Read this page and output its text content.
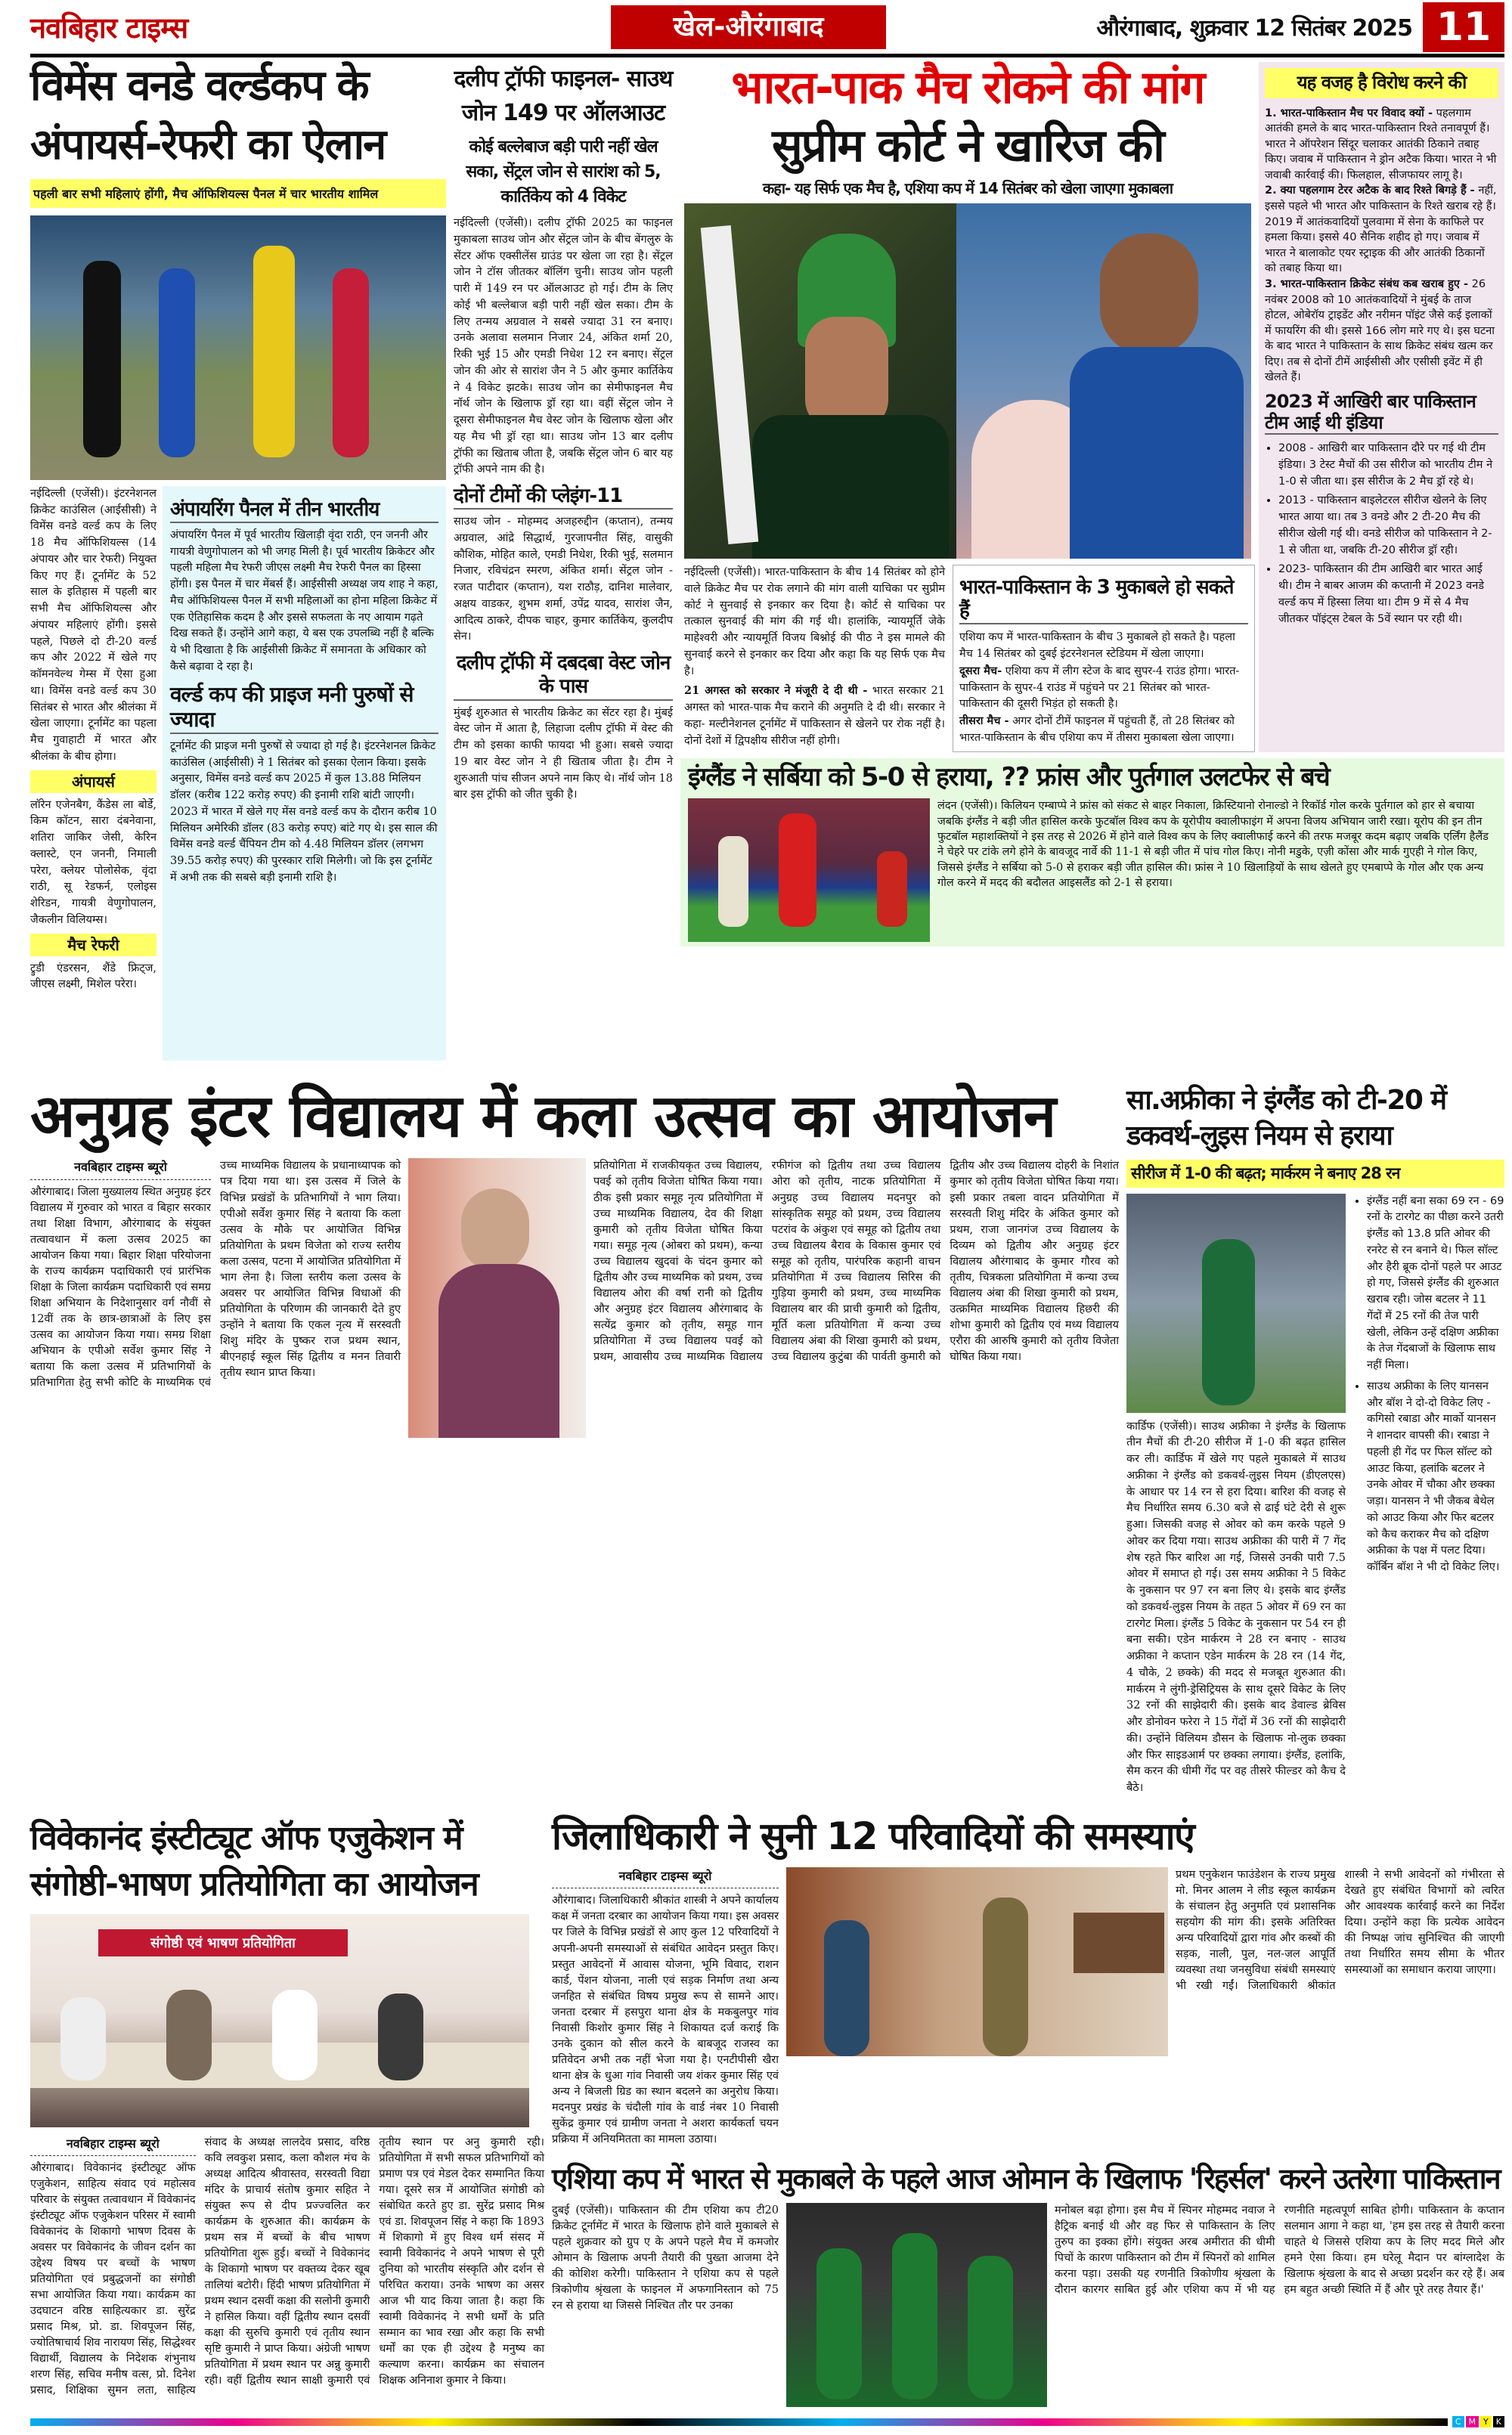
नवबिहार टाइम्स	खेल-औरंगाबाद	औरंगाबाद, शुक्रवार 12 सितंबर 2025 11
विमेंस वनडे वर्ल्डकप के
अंपायर्स-रेफरी का ऐलान
पहली बार सभी महिलाएं होंगी, मैच ऑफिशियल्स पैनल में चार भारतीय शामिल

नईदिल्ली (एजेंसी)। इंटरनेशनल क्रिकेट काउंसिल (आईसीसी) ने विमेंस वनडे वर्ल्ड कप के लिए 18 मैच ऑफिशियल्स (14 अंपायर और चार रेफरी) नियुक्त किए गए हैं। टूर्नामेंट के 52 साल के इतिहास में पहली बार सभी मैच ऑफिशियल्स और अंपायर महिलाएं होंगी। इससे पहले, पिछले दो टी-20 वर्ल्ड कप और 2022 में खेले गए कॉमनवेल्थ गेम्स में ऐसा हुआ था। विमेंस वनडे वर्ल्ड कप 30 सितंबर से भारत और श्रीलंका में खेला जाएगा। टूर्नामेंट का पहला मैच गुवाहाटी में भारत और श्रीलंका के बीच होगा।

अंपायर्स

लॉरेन एजेनबैग, कैंडेस ला बोर्डे, किम कॉटन, सारा दंबनेवाना, शतिरा जाकिर जेसी, केरिन क्लास्टे, एन जननी, निमाली परेरा, क्लेयर पोलोसेक, वृंदा राठी, सू रेडफर्न, एलोइस शेरिडन, गायत्री वेणुगोपालन, जैकलीन विलियम्स।

मैच रेफरी

ट्रुडी एंडरसन, शैंडे फ्रिट्ज, जीएस लक्ष्मी, मिशेल परेरा।

अंपायरिंग पैनल में तीन भारतीय

अंपायरिंग पैनल में पूर्व भारतीय खिलाड़ी वृंदा राठी, एन जननी और गायत्री वेणुगोपालन को भी जगह मिली है। पूर्व भारतीय क्रिकेटर और पहली महिला मैच रेफरी जीएस लक्ष्मी मैच रेफरी पैनल का हिस्सा होंगी। इस पैनल में चार मेंबर्स हैं। आईसीसी अध्यक्ष जय शाह ने कहा, मैच ऑफिशियल्स पैनल में सभी महिलाओं का होना महिला क्रिकेट में एक ऐतिहासिक कदम है और इससे सफलता के नए आयाम गढ़ते दिख सकते हैं। उन्होंने आगे कहा, ये बस एक उपलब्धि नहीं है बल्कि ये भी दिखाता है कि आईसीसी क्रिकेट में समानता के अधिकार को कैसे बढ़ावा दे रहा है।

वर्ल्ड कप की प्राइज मनी पुरुषों से ज्यादा

टूर्नामेंट की प्राइज मनी पुरुषों से ज्यादा हो गई है। इंटरनेशनल क्रिकेट काउंसिल (आईसीसी) ने 1 सितंबर को इसका ऐलान किया। इसके अनुसार, विमेंस वनडे वर्ल्ड कप 2025 में कुल 13.88 मिलियन डॉलर (करीब 122 करोड़ रुपए) की इनामी राशि बांटी जाएगी। 2023 में भारत में खेले गए मेंस वनडे वर्ल्ड कप के दौरान करीब 10 मिलियन अमेरिकी डॉलर (83 करोड़ रुपए) बांटे गए थे। इस साल की विमेंस वनडे वर्ल्ड चैंपियन टीम को 4.48 मिलियन डॉलर (लगभग 39.55 करोड़ रुपए) की पुरस्कार राशि मिलेगी। जो कि इस टूर्नामेंट में अभी तक की सबसे बड़ी इनामी राशि है।

दलीप ट्रॉफी फाइनल- साउथ जोन 149 पर ऑलआउट
कोई बल्लेबाज बड़ी पारी नहीं खेल सका, सेंट्रल जोन से सारांश को 5, कार्तिकेय को 4 विकेट

नईदिल्ली (एजेंसी)। दलीप ट्रॉफी 2025 का फाइनल मुकाबला साउथ जोन और सेंट्रल जोन के बीच बेंगलुरु के सेंटर ऑफ एक्सीलेंस ग्राउंड पर खेला जा रहा है। सेंट्रल जोन ने टॉस जीतकर बॉलिंग चुनी। साउथ जोन पहली पारी में 149 रन पर ऑलआउट हो गई। टीम के लिए कोई भी बल्लेबाज बड़ी पारी नहीं खेल सका। टीम के लिए तन्मय अग्रवाल ने सबसे ज्यादा 31 रन बनाए। उनके अलावा सलमान निजार 24, अंकित शर्मा 20, रिकी भुई 15 और एमडी निधेश 12 रन बनाए। सेंट्रल जोन की ओर से सारांश जैन ने 5 और कुमार कार्तिकेय ने 4 विकेट झटके। साउथ जोन का सेमीफाइनल मैच नॉर्थ जोन के खिलाफ ड्रॉ रहा था। वहीं सेंट्रल जोन ने दूसरा सेमीफाइनल मैच वेस्ट जोन के खिलाफ खेला और यह मैच भी ड्रॉ रहा था। साउथ जोन 13 बार दलीप ट्रॉफी का खिताब जीता है, जबकि सेंट्रल जोन 6 बार यह ट्रॉफी अपने नाम की है।

दोनों टीमों की प्लेइंग-11

साउथ जोन - मोहम्मद अजहरुद्दीन (कप्तान), तन्मय अग्रवाल, आंद्रे सिद्धार्थ, गुरजापनीत सिंह, वासुकी कौशिक, मोहित काले, एमडी निधेश, रिकी भुई, सलमान निजार, रविचंद्रन स्मरण, अंकित शर्मा। सेंट्रल जोन - रजत पाटीदार (कप्तान), यश राठौड़, दानिश मालेवार, अक्षय वाडकर, शुभम शर्मा, उपेंद्र यादव, सारांश जैन, आदित्य ठाकरे, दीपक चाहर, कुमार कार्तिकेय, कुलदीप सेन।

दलीप ट्रॉफी में दबदबा वेस्ट जोन के पास

मुंबई शुरुआत से भारतीय क्रिकेट का सेंटर रहा है। मुंबई वेस्ट जोन में आता है, लिहाजा दलीप ट्रॉफी में वेस्ट की टीम को इसका काफी फायदा भी हुआ। सबसे ज्यादा 19 बार वेस्ट जोन ने ही खिताब जीता है। टीम ने शुरुआती पांच सीजन अपने नाम किए थे। नॉर्थ जोन 18 बार इस ट्रॉफी को जीत चुकी है।

भारत-पाक मैच रोकने की मांग
सुप्रीम कोर्ट ने खारिज की
कहा- यह सिर्फ एक मैच है, एशिया कप में 14 सितंबर को खेला जाएगा मुकाबला

नईदिल्ली (एजेंसी)। भारत-पाकिस्तान के बीच 14 सितंबर को होने वाले क्रिकेट मैच पर रोक लगाने की मांग वाली याचिका पर सुप्रीम कोर्ट ने सुनवाई से इनकार कर दिया है। कोर्ट से याचिका पर तत्काल सुनवाई की मांग की गई थी। हालांकि, न्यायमूर्ति जेके माहेश्वरी और न्यायमूर्ति विजय बिश्नोई की पीठ ने इस मामले की सुनवाई करने से इनकार कर दिया और कहा कि यह सिर्फ एक मैच है।

21 अगस्त को सरकार ने मंजूरी दे दी थी - भारत सरकार 21 अगस्त को भारत-पाक मैच कराने की अनुमति दे दी थी। सरकार ने कहा- मल्टीनेशनल टूर्नामेंट में पाकिस्तान से खेलने पर रोक नहीं है। दोनों देशों में द्विपक्षीय सीरीज नहीं होगी।

भारत-पाकिस्तान के 3 मुकाबले हो सकते हैं

एशिया कप में भारत-पाकिस्तान के बीच 3 मुकाबले हो सकते है। पहला मैच 14 सितंबर को दुबई इंटरनेशनल स्टेडियम में खेला जाएगा।

दूसरा मैच- एशिया कप में लीग स्टेज के बाद सुपर-4 राउंड होगा। भारत-पाकिस्तान के सुपर-4 राउंड में पहुंचने पर 21 सितंबर को भारत-पाकिस्तान की दूसरी भिड़ंत हो सकती है।

तीसरा मैच - अगर दोनों टीमें फाइनल में पहुंचती हैं, तो 28 सितंबर को भारत-पाकिस्तान के बीच एशिया कप में तीसरा मुकाबला खेला जाएगा।

यह वजह है विरोध करने की

1. भारत-पाकिस्तान मैच पर विवाद क्यों - पहलगाम आतंकी हमले के बाद भारत-पाकिस्तान रिश्ते तनावपूर्ण हैं। भारत ने ऑपरेशन सिंदूर चलाकर आतंकी ठिकाने तबाह किए। जवाब में पाकिस्तान ने ड्रोन अटैक किया। भारत ने भी जवाबी कार्रवाई की। फिलहाल, सीजफायर लागू है।

2. क्या पहलगाम टेरर अटैक के बाद रिश्ते बिगड़े हैं - नहीं, इससे पहले भी भारत और पाकिस्तान के रिश्ते खराब रहे हैं। 2019 में आतंकवादियों पुलवामा में सेना के काफिले पर हमला किया। इससे 40 सैनिक शहीद हो गए। जवाब में भारत ने बालाकोट एयर स्ट्राइक की और आतंकी ठिकानों को तबाह किया था।

3. भारत-पाकिस्तान क्रिकेट संबंध कब खराब हुए - 26 नवंबर 2008 को 10 आतंकवादियों ने मुंबई के ताज होटल, ओबेरॉय ट्राइडेंट और नरीमन पॉइंट जैसे कई इलाकों में फायरिंग की थी। इससे 166 लोग मारे गए थे। इस घटना के बाद भारत ने पाकिस्तान के साथ क्रिकेट संबंध खत्म कर दिए। तब से दोनों टीमें आईसीसी और एसीसी इवेंट में ही खेलते हैं।

2023 में आखिरी बार पाकिस्तान टीम आई थी इंडिया
• 2008 - आखिरी बार पाकिस्तान दौरे पर गई थी टीम इंडिया। 3 टेस्ट मैचों की उस सीरीज को भारतीय टीम ने 1-0 से जीता था। इस सीरीज के 2 मैच ड्रॉ रहे थे।
• 2013 - पाकिस्तान बाइलेटरल सीरीज खेलने के लिए भारत आया था। तब 3 वनडे और 2 टी-20 मैच की सीरीज खेली गई थी। वनडे सीरीज को पाकिस्तान ने 2-1 से जीता था, जबकि टी-20 सीरीज ड्रॉ रही।
• 2023- पाकिस्तान की टीम आखिरी बार भारत आई थी। टीम ने बाबर आजम की कप्तानी में 2023 वनडे वर्ल्ड कप में हिस्सा लिया था। टीम 9 में से 4 मैच जीतकर पॉइंट्स टेबल के 5वें स्थान पर रही थी।
इंग्लैंड ने सर्बिया को 5-0 से हराया, ?? फ्रांस और पुर्तगाल उलटफेर से बचे

लंदन (एजेंसी)। किलियन एम्बाप्पे ने फ्रांस को संकट से बाहर निकाला, क्रिस्टियानो रोनाल्डो ने रिकॉर्ड गोल करके पुर्तगाल को हार से बचाया जबकि इंग्लैंड ने बड़ी जीत हासिल करके फुटबॉल विश्व कप के यूरोपीय क्वालीफाइंग में अपना विजय अभियान जारी रखा। यूरोप की इन तीन फुटबॉल महाशक्तियों ने इस तरह से 2026 में होने वाले विश्व कप के लिए क्वालीफाई करने की तरफ मजबूर कदम बढ़ाए जबकि एर्लिंग हैलैंड ने चेहरे पर टांके लगे होने के बावजूद नार्वे की 11-1 से बड़ी जीत में पांच गोल किए। नोनी मडुके, एज़ी कोंसा और मार्क गुएही ने गोल किए, जिससे इंग्लैंड ने सर्बिया को 5-0 से हराकर बड़ी जीत हासिल की। फ्रांस ने 10 खिलाड़ियों के साथ खेलते हुए एमबाप्पे के गोल और एक अन्य गोल करने में मदद की बदौलत आइसलैंड को 2-1 से हराया।

अनुग्रह इंटर विद्यालय में कला उत्सव का आयोजन
नवबिहार टाइम्स ब्यूरो
औरंगाबाद। जिला मुख्यालय स्थित अनुग्रह इंटर विद्यालय में गुरुवार को भारत व बिहार सरकार तथा शिक्षा विभाग, औरंगाबाद के संयुक्त तत्वावधान में कला उत्सव 2025 का आयोजन किया गया। बिहार शिक्षा परियोजना के राज्य कार्यक्रम पदाधिकारी एवं प्रारंभिक शिक्षा के जिला कार्यक्रम पदाधिकारी एवं समग्र शिक्षा अभियान के निदेशानुसार वर्ग नौवीं से 12वीं तक के छात्र-छात्राओं के लिए इस उत्सव का आयोजन किया गया। समग्र शिक्षा अभियान के एपीओ सर्वेश कुमार सिंह ने बताया कि कला उत्सव में प्रतिभागियों के प्रतिभागिता हेतु सभी कोटि के माध्यमिक एवं उच्च माध्यमिक विद्यालय के प्रधानाध्यापक को पत्र दिया गया था। इस उत्सव में जिले के विभिन्न प्रखंडों के प्रतिभागियों ने भाग लिया। एपीओ सर्वेश कुमार सिंह ने बताया कि कला उत्सव के मौके पर आयोजित विभिन्न प्रतियोगिता के प्रथम विजेता को राज्य स्तरीय कला उत्सव, पटना में आयोजित प्रतियोगिता में भाग लेना है। जिला स्तरीय कला उत्सव के अवसर पर आयोजित विभिन्न विधाओं की प्रतियोगिता के परिणाम की जानकारी देते हुए उन्होंने ने बताया कि एकल नृत्य में सरस्वती शिशु मंदिर के पुष्कर राज प्रथम स्थान, बीएनहाई स्कूल सिंह द्वितीय व मनन तिवारी तृतीय स्थान प्राप्त किया।
प्रतियोगिता में राजकीयकृत उच्च विद्यालय, पवई को तृतीय विजेता घोषित किया गया। ठीक इसी प्रकार समूह नृत्य प्रतियोगिता में उच्च माध्यमिक विद्यालय, देव की शिक्षा कुमारी को तृतीय विजेता घोषित किया गया। समूह नृत्य (ओबरा को प्रथम), कन्या उच्च विद्यालय खुदवां के चंदन कुमार को द्वितीय और उच्च माध्यमिक को प्रथम, उच्च विद्यालय ओरा की वर्षा रानी को द्वितीय और अनुग्रह इंटर विद्यालय औरंगाबाद के सत्येंद्र कुमार को तृतीय, समूह गान प्रतियोगिता में उच्च विद्यालय पवई को प्रथम, आवासीय उच्च माध्यमिक विद्यालय रफीगंज को द्वितीय तथा उच्च विद्यालय ओरा को तृतीय, नाटक प्रतियोगिता में अनुग्रह उच्च विद्यालय मदनपुर को सांस्कृतिक समूह को प्रथम, उच्च विद्यालय पटरांव के अंकुश एवं समूह को द्वितीय तथा उच्च विद्यालय बैराव के विकास कुमार एवं समूह को तृतीय, पारंपरिक कहानी वाचन प्रतियोगिता में उच्च विद्यालय सिरिस की गुड़िया कुमारी को प्रथम, उच्च माध्यमिक विद्यालय बार की प्राची कुमारी को द्वितीय, मूर्ति कला प्रतियोगिता में कन्या उच्च विद्यालय अंबा की शिखा कुमारी को प्रथम, उच्च विद्यालय कुटुंबा की पार्वती कुमारी को द्वितीय और उच्च विद्यालय दोहरी के निशांत कुमार को तृतीय विजेता घोषित किया गया। इसी प्रकार तबला वादन प्रतियोगिता में सरस्वती शिशु मंदिर के अंकित कुमार को प्रथम, राजा जानगंज उच्च विद्यालय के दिव्यम को द्वितीय और अनुग्रह इंटर विद्यालय औरंगाबाद के कुमार गौरव को तृतीय, चित्रकला प्रतियोगिता में कन्या उच्च विद्यालय अंबा की शिखा कुमारी को प्रथम, उत्क्रमित माध्यमिक विद्यालय हिछरी की शोभा कुमारी को द्वितीय एवं मध्य विद्यालय एरौरा की आरुषि कुमारी को तृतीय विजेता घोषित किया गया।
सा.अफ्रीका ने इंग्लैंड को टी-20 में डकवर्थ-लुइस नियम से हराया
सीरीज में 1-0 की बढ़त; मार्करम ने बनाए 28 रन
कार्डिफ (एजेंसी)। साउथ अफ्रीका ने इंग्लैंड के खिलाफ तीन मैचों की टी-20 सीरीज में 1-0 की बढ़त हासिल कर ली। कार्डिफ में खेले गए पहले मुकाबले में साउथ अफ्रीका ने इंग्लैंड को डकवर्थ-लुइस नियम (डीएलएस) के आधार पर 14 रन से हरा दिया। बारिश की वजह से मैच निर्धारित समय 6.30 बजे से ढाई घंटे देरी से शुरू हुआ। जिसकी वजह से ओवर को कम करके पहले 9 ओवर कर दिया गया। साउथ अफ्रीका की पारी में 7 गेंद शेष रहते फिर बारिश आ गई, जिससे उनकी पारी 7.5 ओवर में समाप्त हो गई। उस समय अफ्रीका ने 5 विकेट के नुकसान पर 97 रन बना लिए थे। इसके बाद इंग्लैंड को डकवर्थ-लुइस नियम के तहत 5 ओवर में 69 रन का टारगेट मिला। इंग्लैंड 5 विकेट के नुकसान पर 54 रन ही बना सकी। एडेन मार्करम ने 28 रन बनाए - साउथ अफ्रीका ने कप्तान एडेन मार्करम के 28 रन (14 गेंद, 4 चौके, 2 छक्के) की मदद से मजबूत शुरुआत की। मार्करम ने लुंगी-ड्रेसिट्रियस के साथ दूसरे विकेट के लिए 32 रनों की साझेदारी की। इसके बाद डेवाल्ड ब्रेविस और डोनोवन फरेरा ने 15 गेंदों में 36 रनों की साझेदारी की। उन्होंने विलियम डौसन के खिलाफ नो-लुक छक्का और फिर साइडआर्म पर छक्का लगाया। इंग्लैंड, हलांकि, सैम करन की धीमी गेंद पर वह तीसरे फील्डर को कैच दे बैठे।
• इंग्लैंड नहीं बना सका 69 रन - 69 रनों के टारगेट का पीछा करने उतरी इंग्लैंड को 13.8 प्रति ओवर की रनरेट से रन बनाने थे। फिल सॉल्ट और हैरी ब्रूक दोनों पहले पर आउट हो गए, जिससे इंग्लैंड की शुरुआत खराब रही। जोस बटलर ने 11 गेंदों में 25 रनों की तेज पारी खेली, लेकिन उन्हें दक्षिण अफ्रीका के तेज गेंदबाजों के खिलाफ साथ नहीं मिला।
• साउथ अफ्रीका के लिए यानसन और बॉश ने दो-दो विकेट लिए - कगिसो रबाडा और मार्को यानसन ने शानदार वापसी की। रबाडा ने पहली ही गेंद पर फिल सॉल्ट को आउट किया, हलांकि बटलर ने उनके ओवर में चौका और छक्का जड़ा। यानसन ने भी जैकब बेथेल को आउट किया और फिर बटलर को कैच कराकर मैच को दक्षिण अफ्रीका के पक्ष में पलट दिया। कॉर्बिन बॉश ने भी दो विकेट लिए।
विवेकानंद इंस्टीट्यूट ऑफ एजुकेशन में संगोष्ठी-भाषण प्रतियोगिता का आयोजन
संगोष्ठी एवं भाषण प्रतियोगिता
नवबिहार टाइम्स ब्यूरो
औरंगाबाद। विवेकानंद इंस्टीट्यूट ऑफ एजुकेशन, साहित्य संवाद एवं महोत्सव परिवार के संयुक्त तत्वावधान में विवेकानंद इंस्टीट्यूट ऑफ एजुकेशन परिसर में स्वामी विवेकानंद के शिकागो भाषण दिवस के अवसर पर विवेकानंद के जीवन दर्शन का उद्देश्य विषय पर बच्चों के भाषण प्रतियोगिता एवं प्रबुद्धजनों का संगोष्ठी सभा आयोजित किया गया। कार्यक्रम का उदघाटन वरिष्ठ साहित्यकार डा. सुरेंद्र प्रसाद मिश्र, प्रो. डा. शिवपूजन सिंह, ज्योतिषाचार्य शिव नारायण सिंह, सिद्धेश्वर विद्यार्थी, विद्यालय के निदेशक शंभुनाथ शरण सिंह, सचिव मनीष वत्स, प्रो. दिनेश प्रसाद, शिक्षिका सुमन लता, साहित्य संवाद के अध्यक्ष लालदेव प्रसाद, वरिष्ठ कवि लवकुश प्रसाद, कला कौशल मंच के अध्यक्ष आदित्य श्रीवास्तव, सरस्वती विद्या मंदिर के प्राचार्य संतोष कुमार सहित ने संयुक्त रूप से दीप प्रज्ज्वलित कर कार्यक्रम के शुरुआत की। कार्यक्रम के प्रथम सत्र में बच्चों के बीच भाषण प्रतियोगिता शुरू हुई। बच्चों ने विवेकानंद के शिकागो भाषण पर वक्तव्य देकर खूब तालियां बटोरी। हिंदी भाषण प्रतियोगिता में प्रथम स्थान दसवीं कक्षा की सलोनी कुमारी ने हासिल किया। वहीं द्वितीय स्थान दसवीं कक्षा की सुरुचि कुमारी एवं तृतीय स्थान सृष्टि कुमारी ने प्राप्त किया। अंग्रेजी भाषण प्रतियोगिता में प्रथम स्थान पर अन्नु कुमारी रही। वहीं द्वितीय स्थान साक्षी कुमारी एवं तृतीय स्थान पर अनु कुमारी रही। प्रतियोगिता में सभी सफल प्रतिभागियों को प्रमाण पत्र एवं मेडल देकर सम्मानित किया गया। दूसरे सत्र में आयोजित संगोष्ठी को संबोधित करते हुए डा. सुरेंद्र प्रसाद मिश्र एवं डा. शिवपूजन सिंह ने कहा कि 1893 में शिकागो में हुए विश्व धर्म संसद में स्वामी विवेकानंद ने अपने भाषण से पूरी दुनिया को भारतीय संस्कृति और दर्शन से परिचित कराया। उनके भाषण का असर आज भी याद किया जाता है। कहा कि स्वामी विवेकानंद ने सभी धर्मों के प्रति सम्मान का भाव रखा और कहा कि सभी धर्मों का एक ही उद्देश्य है मनुष्य का कल्याण करना। कार्यक्रम का संचालन शिक्षक अनिनाश कुमार ने किया।
जिलाधिकारी ने सुनी 12 परिवादियों की समस्याएं
नवबिहार टाइम्स ब्यूरो
औरंगाबाद। जिलाधिकारी श्रीकांत शास्त्री ने अपने कार्यालय कक्ष में जनता दरबार का आयोजन किया गया। इस अवसर पर जिले के विभिन्न प्रखंडों से आए कुल 12 परिवादियों ने अपनी-अपनी समस्याओं से संबंधित आवेदन प्रस्तुत किए। प्रस्तुत आवेदनों में आवास योजना, भूमि विवाद, राशन कार्ड, पेंशन योजना, नाली एवं सड़क निर्माण तथा अन्य जनहित से संबंधित विषय प्रमुख रूप से सामने आए। जनता दरबार में हसपुरा थाना क्षेत्र के मकबुलपुर गांव निवासी किशोर कुमार सिंह ने शिकायत दर्ज कराई कि उनके दुकान को सील करने के बाबजूद राजस्व का प्रतिवेदन अभी तक नहीं भेजा गया है। एनटीपीसी खैरा थाना क्षेत्र के धुआ गांव निवासी जय शंकर कुमार सिंह एवं अन्य ने बिजली ग्रिड का स्थान बदलने का अनुरोध किया। मदनपुर प्रखंड के चंदौली गांव के वार्ड नंबर 10 निवासी सुकेंद्र कुमार एवं ग्रामीण जनता ने अशरा कार्यकर्ता चयन प्रक्रिया में अनियमितता का मामला उठाया।
प्रथम एनुकेशन फाउंडेशन के राज्य प्रमुख मो. मिनर आलम ने लीड स्कूल कार्यक्रम के संचालन हेतु अनुमति एवं प्रशासनिक सहयोग की मांग की। इसके अतिरिक्त अन्य परिवादियों द्वारा गांव और कस्बों की सड़क, नाली, पुल, नल-जल आपूर्ति व्यवस्था तथा जनसुविधा संबंधी समस्याएं भी रखी गईं। जिलाधिकारी श्रीकांत शास्त्री ने सभी आवेदनों को गंभीरता से देखते हुए संबंधित विभागों को त्वरित और आवश्यक कार्रवाई करने का निर्देश दिया। उन्होंने कहा कि प्रत्येक आवेदन की निष्पक्ष जांच सुनिश्चित की जाएगी तथा निर्धारित समय सीमा के भीतर समस्याओं का समाधान कराया जाएगा।
एशिया कप में भारत से मुकाबले के पहले आज ओमान के खिलाफ 'रिहर्सल' करने उतरेगा पाकिस्तान
दुबई (एजेंसी)। पाकिस्तान की टीम एशिया कप टी20 क्रिकेट टूर्नामेंट में भारत के खिलाफ होने वाले मुकाबले से पहले शुक्रवार को ग्रुप ए के अपने पहले मैच में कमजोर ओमान के खिलाफ अपनी तैयारी की पुख्ता आजमा देने की कोशिश करेगी। पाकिस्तान ने एशिया कप से पहले त्रिकोणीय श्रृंखला के फाइनल में अफगानिस्तान को 75 रन से हराया था जिससे निश्चित तौर पर उनका
मनोबल बढ़ा होगा। इस मैच में स्पिनर मोहम्मद नवाज ने हैट्रिक बनाई थी और वह फिर से पाकिस्तान के लिए तुरुप का इक्का होंगे। संयुक्त अरब अमीरात की धीमी पिचों के कारण पाकिस्तान को टीम में स्पिनरों को शामिल करना पड़ा। उसकी यह रणनीति त्रिकोणीय श्रृंखला के दौरान कारगर साबित हुई और एशिया कप में भी यह रणनीति महत्वपूर्ण साबित होगी। पाकिस्तान के कप्तान सलमान आगा ने कहा था, 'हम इस तरह से तैयारी करना चाहते थे जिससे एशिया कप के लिए मदद मिले और हमने ऐसा किया। हम घरेलू मैदान पर बांग्लादेश के खिलाफ श्रृंखला के बाद से अच्छा प्रदर्शन कर रहे हैं। अब हम बहुत अच्छी स्थिति में हैं और पूरे तरह तैयार हैं।'
C M Y K
